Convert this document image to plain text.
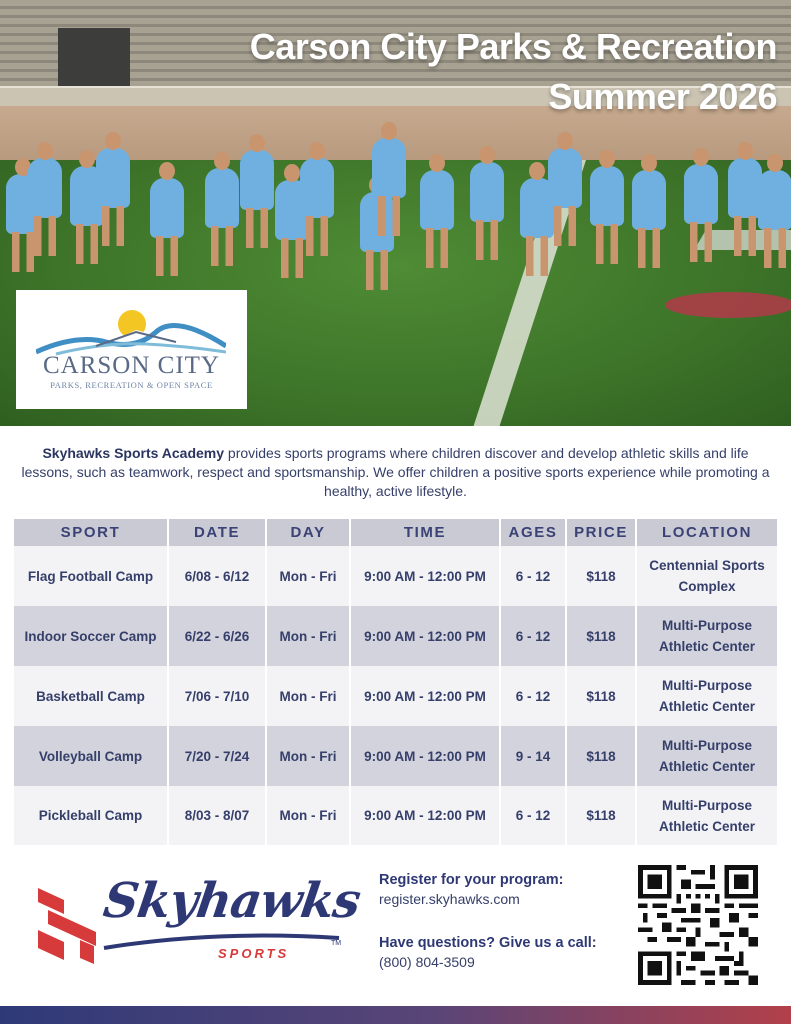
Carson City Parks & Recreation
Summer 2026
CARSON CITY
PARKS, RECREATION & OPEN SPACE

Skyhawks Sports Academy provides sports programs where children discover and develop athletic skills and life lessons, such as teamwork, respect and sportsmanship. We offer children a positive sports experience while promoting a healthy, active lifestyle.

SPORT	DATE	DAY	TIME	AGES	PRICE	LOCATION
Flag Football Camp	6/08 - 6/12	Mon - Fri	9:00 AM - 12:00 PM	6 - 12	$118	Centennial Sports
Complex

Indoor Soccer Camp	6/22 - 6/26	Mon - Fri	9:00 AM - 12:00 PM	6 - 12	$118	Multi-Purpose
Athletic Center

Basketball Camp	7/06 - 7/10	Mon - Fri	9:00 AM - 12:00 PM	6 - 12	$118	Multi-Purpose
Athletic Center

Volleyball Camp	7/20 - 7/24	Mon - Fri	9:00 AM - 12:00 PM	9 - 14	$118	Multi-Purpose
Athletic Center

Pickleball Camp	8/03 - 8/07	Mon - Fri	9:00 AM - 12:00 PM	6 - 12	$118	Multi-Purpose
Athletic Center
Skyhawks
TM
SPORTS
Register for your program:
register.skyhawks.com
Have questions? Give us a call:
(800) 804-3509
